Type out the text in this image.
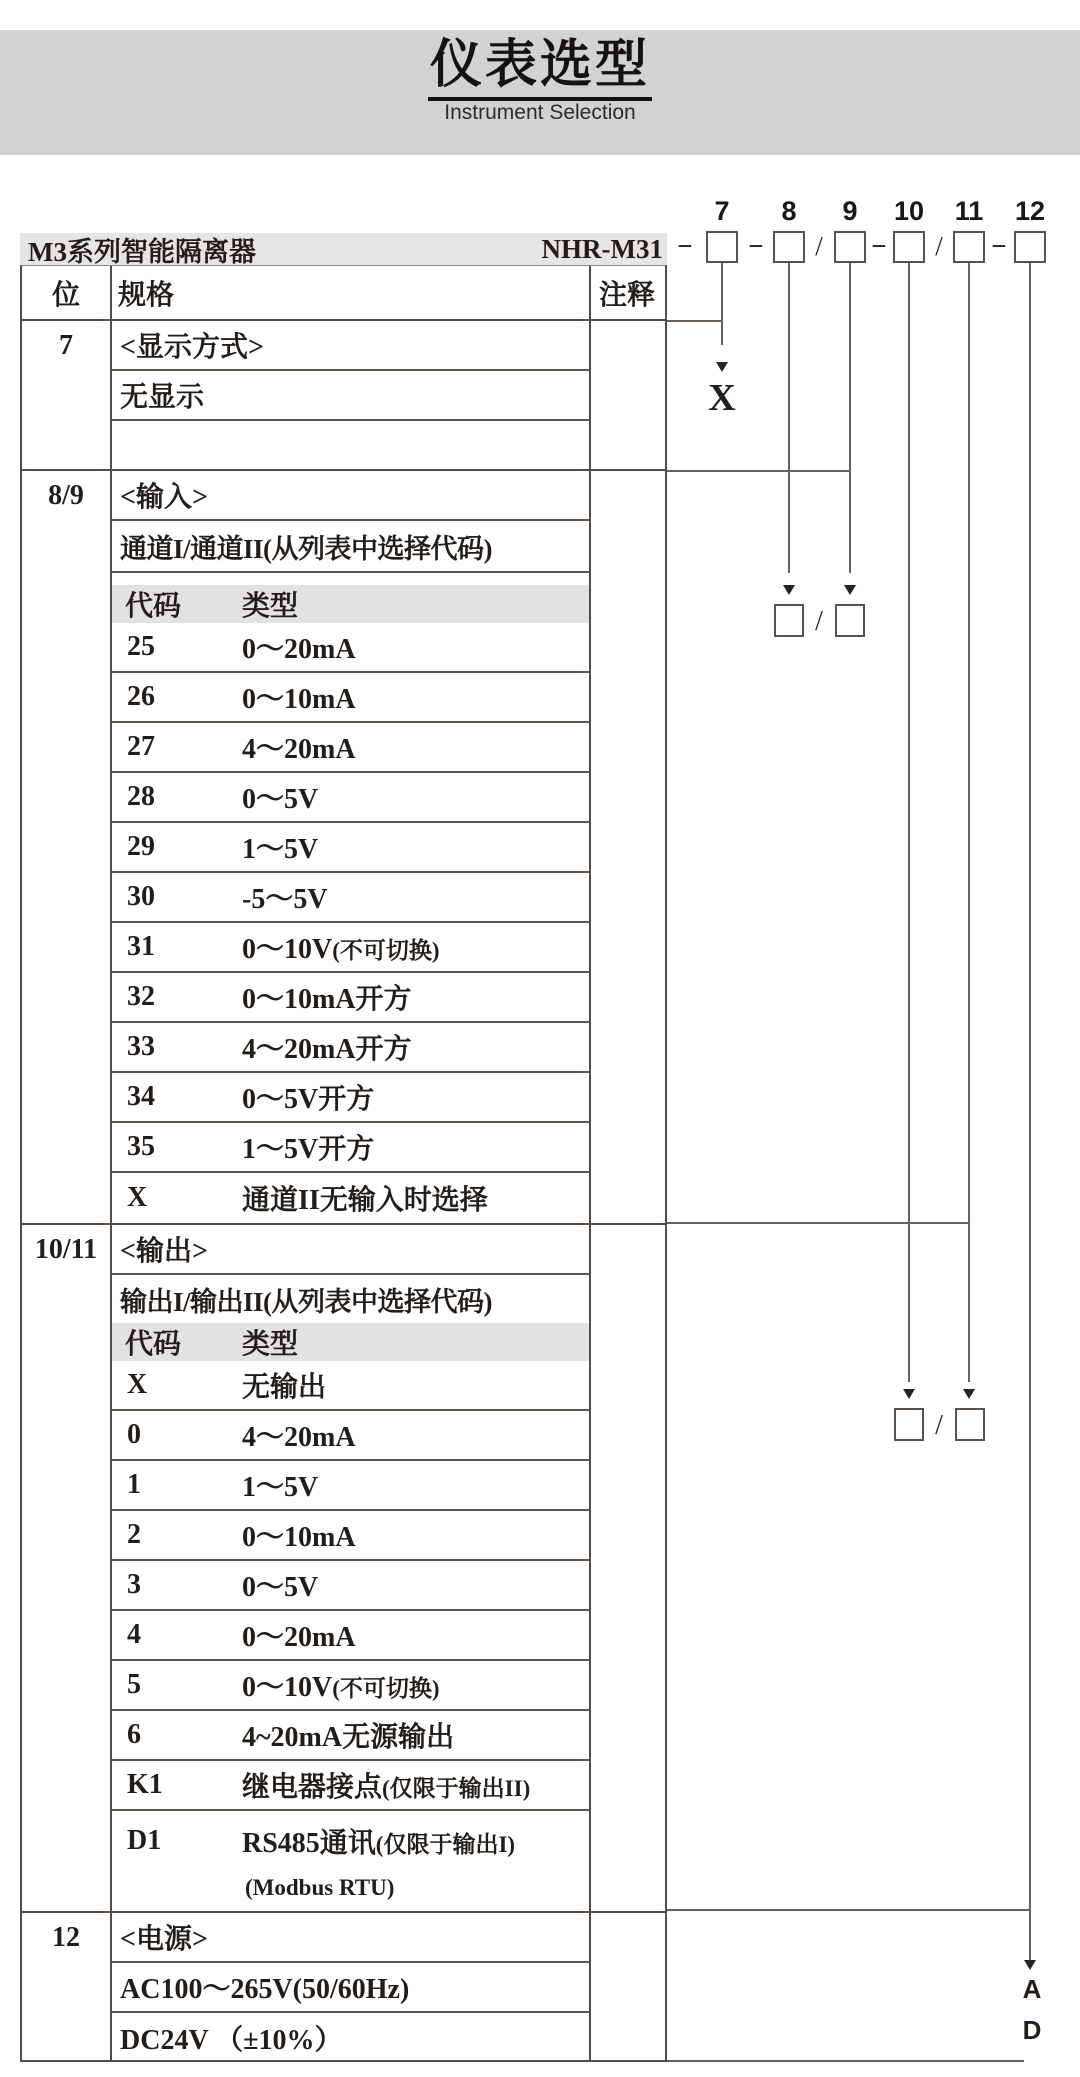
仪表选型
Instrument Selection
M3系列智能隔离器	NHR-M31
位	规格	注释
7	<显示方式>
无显示
8/9	<输入>
通道I/通道II(从列表中选择代码)
代码	类型
25	0～20mA
26	0～10mA
27	4～20mA
28	0～5V
29	1～5V
30	-5～5V
31	0～10V(不可切换)
32	0～10mA开方
33	4～20mA开方
34	0～5V开方
35	1～5V开方
X	通道II无输入时选择
10/11 <输出>
输出I/输出II(从列表中选择代码)
代码	类型
X	无输出
0	4～20mA
1	1～5V
2	0～10mA
3	0～5V
4	0～20mA
5	0～10V(不可切换)
6	4~20mA无源输出
K1	继电器接点(仅限于输出II)
D1	RS485通讯(仅限于输出I)
(Modbus RTU)
12	<电源>
AC100～265V(50/60Hz)
DC24V （±10%）
7	8	9	10 11 12
− −	/	−	/	−
X
/
/
A
D
